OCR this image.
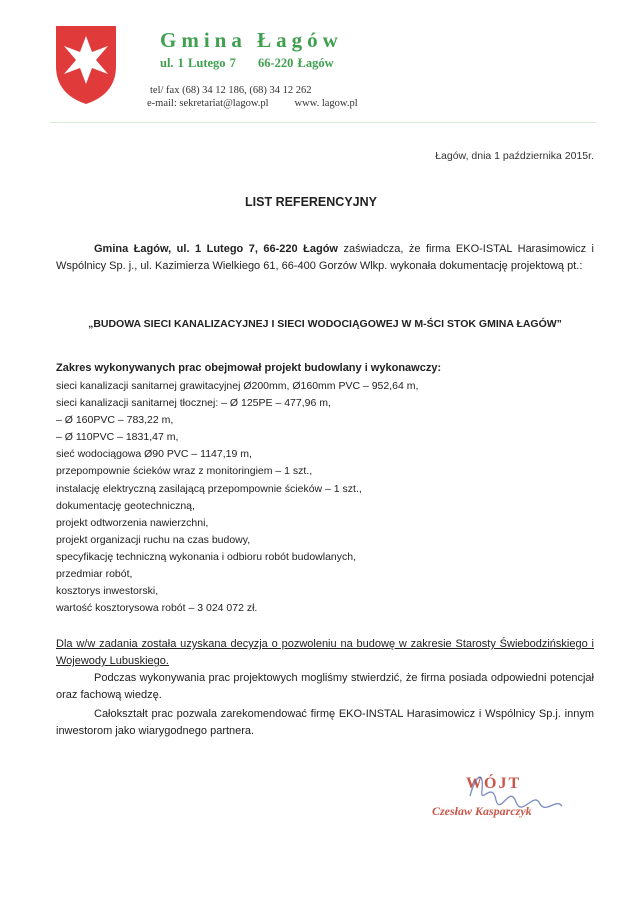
Gmina Łagów
ul. 1 Lutego 7 66-220 Łagów
tel/ fax (68) 34 12 186, (68) 34 12 262
e-mail: sekretariat@lagow.pl www. lagow.pl
Łagów, dnia 1 października 2015r.
LIST REFERENCYJNY
Gmina Łagów, ul. 1 Lutego 7, 66-220 Łagów zaświadcza, że firma EKO-ISTAL Harasimowicz i Wspólnicy Sp. j., ul. Kazimierza Wielkiego 61, 66-400 Gorzów Wlkp. wykonała dokumentację projektową pt.:
„BUDOWA SIECI KANALIZACYJNEJ I SIECI WODOCIĄGOWEJ W M-ŚCI STOK GMINA ŁAGÓW”
Zakres wykonywanych prac obejmował projekt budowlany i wykonawczy:
sieci kanalizacji sanitarnej grawitacyjnej Ø200mm, Ø160mm PVC – 952,64 m,
sieci kanalizacji sanitarnej tłocznej: – Ø 125PE – 477,96 m,
– Ø 160PVC – 783,22 m,
– Ø 110PVC – 1831,47 m,
sieć wodociągowa Ø90 PVC – 1147,19 m,
przepompownie ścieków wraz z monitoringiem – 1 szt.,
instalację elektryczną zasilającą przepompownie ścieków – 1 szt.,
dokumentację geotechniczną,
projekt odtworzenia nawierzchni,
projekt organizacji ruchu na czas budowy,
specyfikację techniczną wykonania i odbioru robót budowlanych,
przedmiar robót,
kosztorys inwestorski,
wartość kosztorysowa robót – 3 024 072 zł.
Dla w/w zadania została uzyskana decyzja o pozwoleniu na budowę w zakresie Starosty Świebodzińskiego i Wojewody Lubuskiego.
Podczas wykonywania prac projektowych mogliśmy stwierdzić, że firma posiada odpowiedni potencjał oraz fachową wiedzę.
Całokształt prac pozwala zarekomendować firmę EKO-INSTAL Harasimowicz i Wspólnicy Sp.j. innym inwestorom jako wiarygodnego partnera.
WÓJT
Czesław Kasparczyk
